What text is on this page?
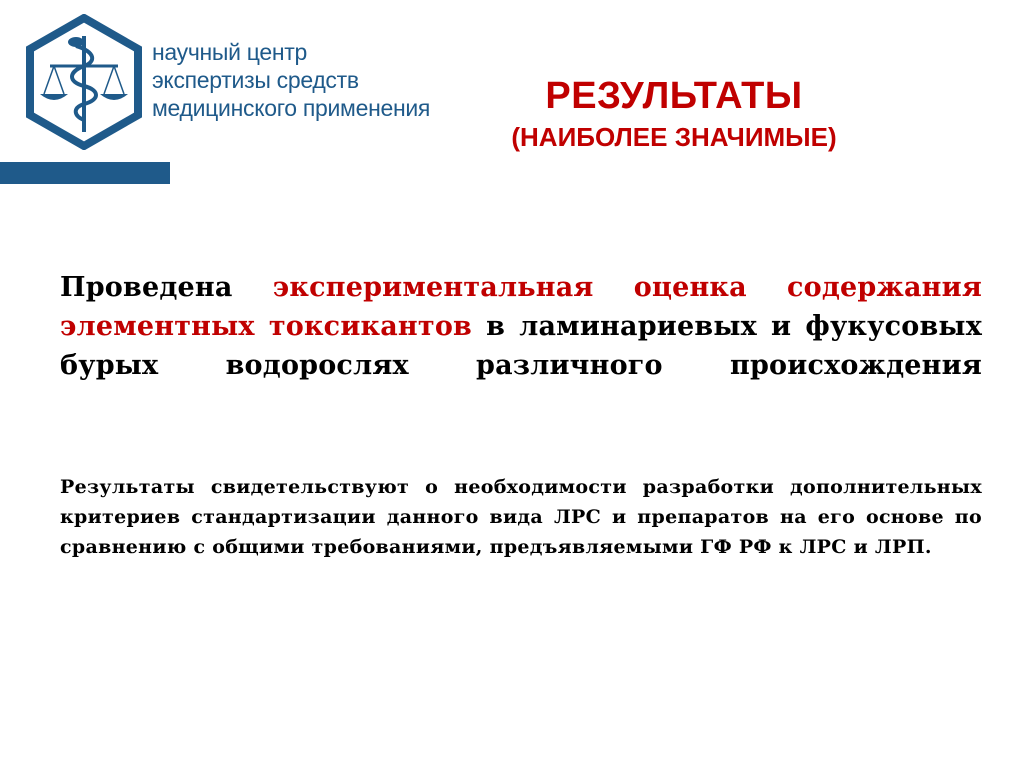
научный центр
экспертизы средств
медицинского применения	РЕЗУЛЬТАТЫ
(НАИБОЛЕЕ ЗНАЧИМЫЕ)
Проведена экспериментальная оценка содержания элементных токсикантов в ламинариевых и фукусовых бурых водорослях различного происхождения
Результаты свидетельствуют о необходимости разработки дополнительных критериев стандартизации данного вида ЛРС и препаратов на его основе по сравнению с общими требованиями, предъявляемыми ГФ РФ к ЛРС и ЛРП.
